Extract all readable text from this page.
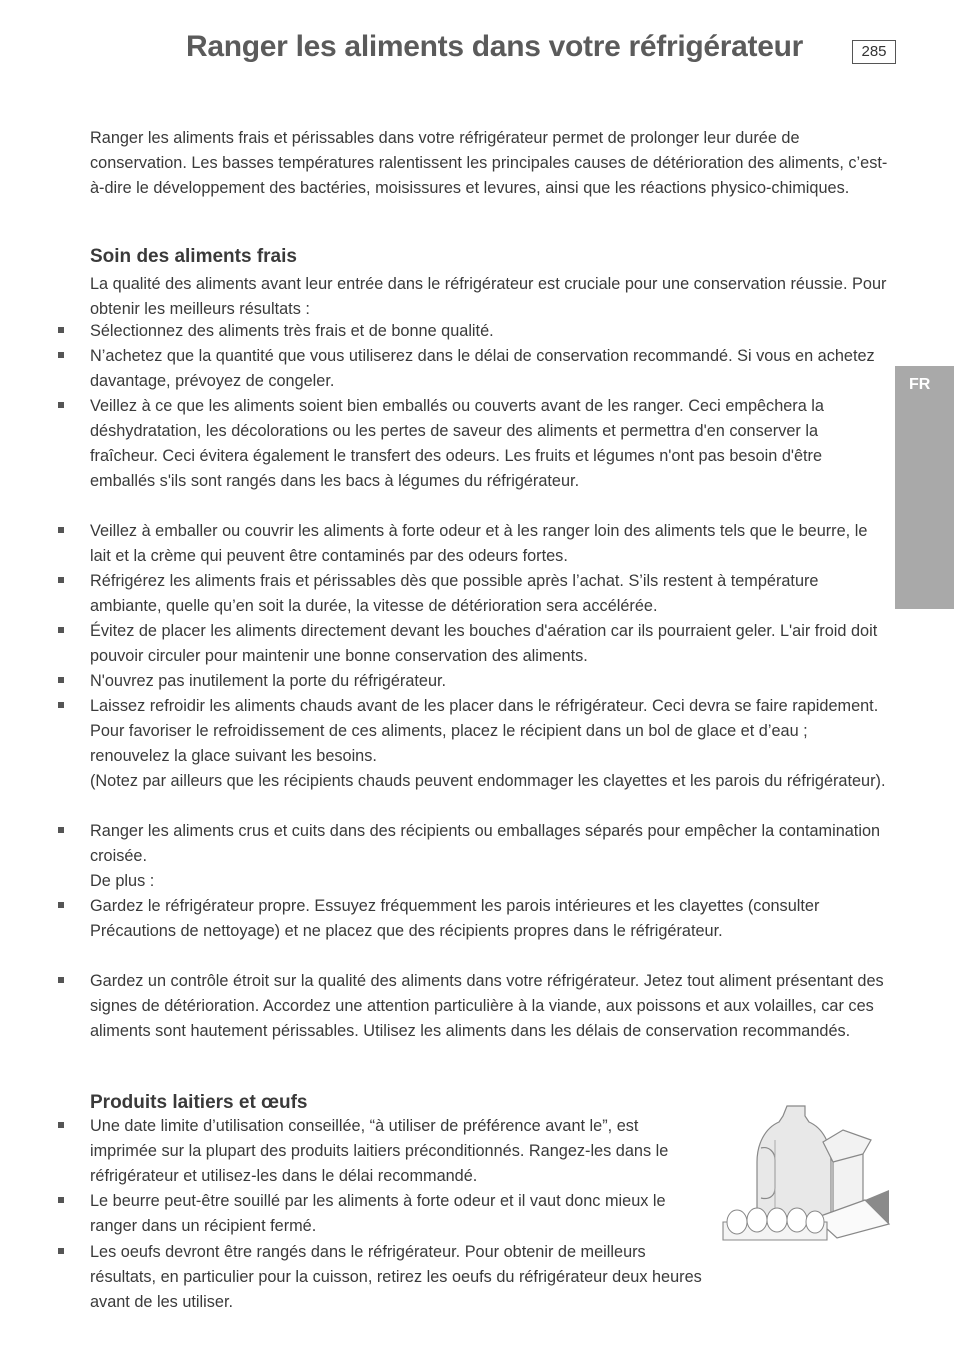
Ranger les aliments dans votre réfrigérateur	285
FR
Ranger les aliments frais et périssables dans votre réfrigérateur permet de prolonger leur durée de conservation. Les basses températures ralentissent les principales causes de détérioration des aliments, c’est-à-dire le développement des bactéries, moisissures et levures, ainsi que les réactions physico-chimiques.
Soin des aliments frais
La qualité des aliments avant leur entrée dans le réfrigérateur est cruciale pour une conservation réussie. Pour obtenir les meilleurs résultats :
Sélectionnez des aliments très frais et de bonne qualité.
N’achetez que la quantité que vous utiliserez dans le délai de conservation recommandé. Si vous en achetez davantage, prévoyez de congeler.
Veillez à ce que les aliments soient bien emballés ou couverts avant de les ranger. Ceci empêchera la déshydratation, les décolorations ou les pertes de saveur des aliments et permettra d'en conserver la fraîcheur. Ceci évitera également le transfert des odeurs. Les fruits et légumes n'ont pas besoin d'être emballés s'ils sont rangés dans les bacs à légumes du réfrigérateur.
Veillez à emballer ou couvrir les aliments à forte odeur et à les ranger loin des aliments tels que le beurre, le lait et la crème qui peuvent être contaminés par des odeurs fortes.
Réfrigérez les aliments frais et périssables dès que possible après l’achat. S’ils restent à température ambiante, quelle qu’en soit la durée, la vitesse de détérioration sera accélérée.
Évitez de placer les aliments directement devant les bouches d'aération car ils pourraient geler. L'air froid doit pouvoir circuler pour maintenir une bonne conservation des aliments.
N'ouvrez pas inutilement la porte du réfrigérateur.
Laissez refroidir les aliments chauds avant de les placer dans le réfrigérateur. Ceci devra se faire rapidement. Pour favoriser le refroidissement de ces aliments, placez le récipient dans un bol de glace et d’eau ; renouvelez la glace suivant les besoins.
(Notez par ailleurs que les récipients chauds peuvent endommager les clayettes et les parois du réfrigérateur).
Ranger les aliments crus et cuits dans des récipients ou emballages séparés pour empêcher la contamination croisée.
De plus :
Gardez le réfrigérateur propre. Essuyez fréquemment les parois intérieures et les clayettes (consulter Précautions de nettoyage) et ne placez que des récipients propres dans le réfrigérateur.
Gardez un contrôle étroit sur la qualité des aliments dans votre réfrigérateur. Jetez tout aliment présentant des signes de détérioration. Accordez une attention particulière à la viande, aux poissons et aux volailles, car ces aliments sont hautement périssables. Utilisez les aliments dans les délais de conservation recommandés.
Produits laitiers et œufs
Une date limite d’utilisation conseillée, “à utiliser de préférence avant le”, est imprimée sur la plupart des produits laitiers préconditionnés. Rangez-les dans le réfrigérateur et utilisez-les dans le délai recommandé.
Le beurre peut-être souillé par les aliments à forte odeur et il vaut donc mieux le ranger dans un récipient fermé.
Les oeufs devront être rangés dans le réfrigérateur. Pour obtenir de meilleurs résultats, en particulier pour la cuisson, retirez les oeufs du réfrigérateur deux heures avant de les utiliser.
